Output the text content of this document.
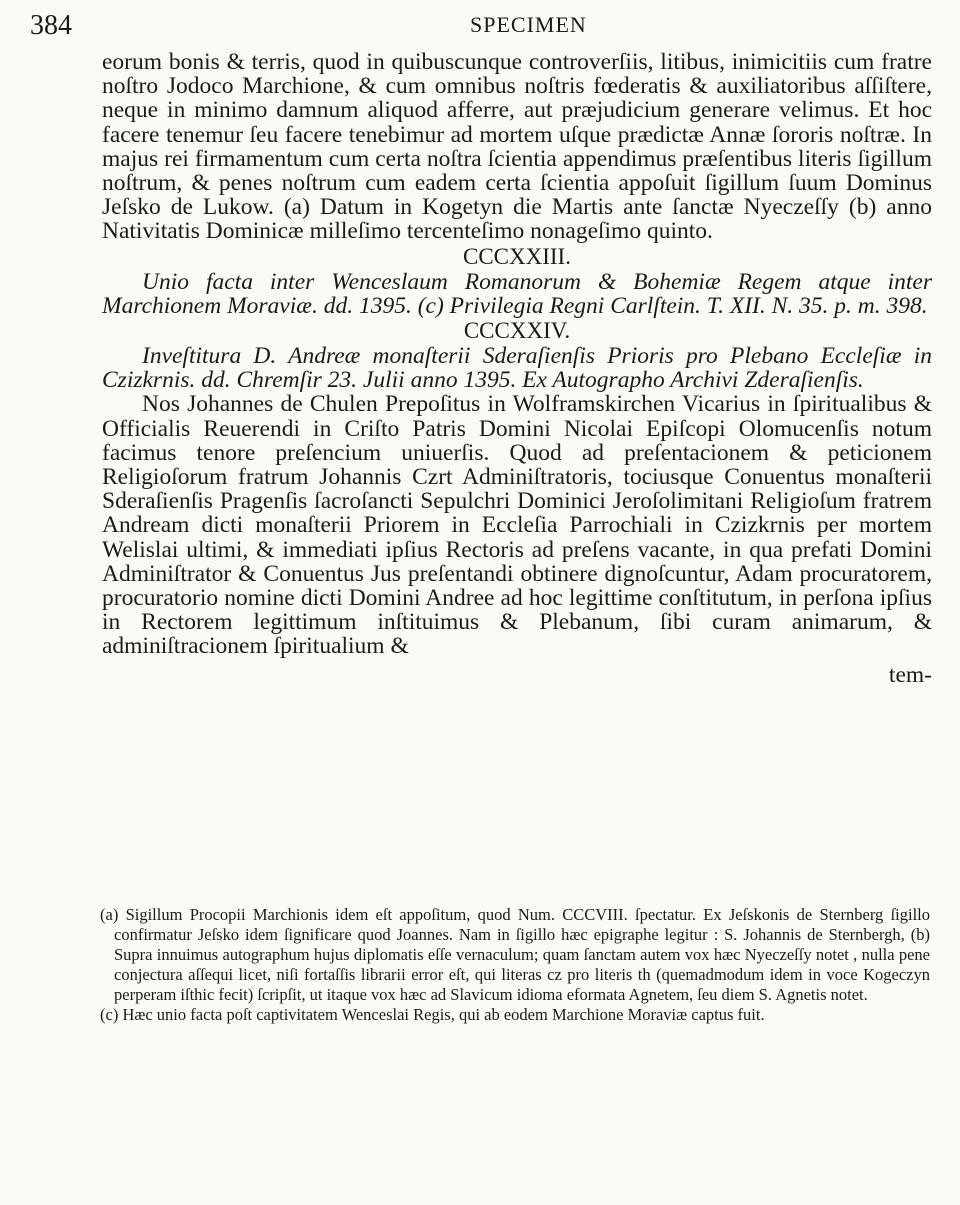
384	SPECIMEN

eorum bonis & terris, quod in quibuscunque controverſiis, litibus, inimicitiis cum fratre noſtro Jodoco Marchione, & cum omnibus noſtris fœderatis & auxiliatoribus aſſiſtere, neque in minimo damnum aliquod afferre, aut præjudicium generare velimus. Et hoc facere tenemur ſeu facere tenebimur ad mortem uſque prædictæ Annæ ſororis noſtræ. In majus rei firmamentum cum certa noſtra ſcientia appendimus præſentibus literis ſigillum noſtrum, & penes noſtrum cum eadem certa ſcientia appoſuit ſigillum ſuum Dominus Jeſsko de Lukow. (a) Datum in Kogetyn die Martis ante ſanctæ Nyeczeſſy (b) anno Nativitatis Dominicæ milleſimo tercenteſimo nonageſimo quinto.

CCCXXIII.

Unio facta inter Wenceslaum Romanorum & Bohemiæ Regem atque inter Marchionem Moraviæ. dd. 1395. (c) Privilegia Regni Carlſtein. T. XII. N. 35. p. m. 398.

CCCXXIV.

Inveſtitura D. Andreæ monaſterii Sderaſienſis Prioris pro Plebano Eccleſiæ in Czizkrnis. dd. Chremſir 23. Julii anno 1395. Ex Autographo Archivi Zderaſienſis.

Nos Johannes de Chulen Prepoſitus in Wolframskirchen Vicarius in ſpiritualibus & Officialis Reuerendi in Criſto Patris Domini Nicolai Epiſcopi Olomucenſis notum facimus tenore preſencium uniuerſis. Quod ad preſentacionem & peticionem Religioſorum fratrum Johannis Czrt Adminiſtratoris, tociusque Conuentus monaſterii Sderaſienſis Pragenſis ſacroſancti Sepulchri Dominici Jeroſolimitani Religioſum fratrem Andream dicti monaſterii Priorem in Eccleſia Parrochiali in Czizkrnis per mortem Welislai ultimi, & immediati ipſius Rectoris ad preſens vacante, in qua prefati Domini Adminiſtrator & Conuentus Jus preſentandi obtinere dignoſcuntur, Adam procuratorem, procuratorio nomine dicti Domini Andree ad hoc legittime conſtitutum, in perſona ipſius in Rectorem legittimum inſtituimus & Plebanum, ſibi curam animarum, & adminiſtracionem ſpiritualium &

tem-

(a) Sigillum Procopii Marchionis idem eſt appoſitum, quod Num. CCCVIII. ſpectatur. Ex Jeſskonis de Sternberg ſigillo confirmatur Jeſsko idem ſignificare quod Joannes. Nam in ſigillo hæc epigraphe legitur : S. Johannis de Sternbergh, (b) Supra innuimus autographum hujus diplomatis eſſe vernaculum; quam ſanctam autem vox hæc Nyeczeſſy notet , nulla pene conjectura aſſequi licet, niſi fortaſſis librarii error eſt, qui literas cz pro literis th (quemadmodum idem in voce Kogeczyn perperam iſthic fecit) ſcripſit, ut itaque vox hæc ad Slavicum idioma eformata Agnetem, ſeu diem S. Agnetis notet.

(c) Hæc unio facta poſt captivitatem Wenceslai Regis, qui ab eodem Marchione Moraviæ captus fuit.
